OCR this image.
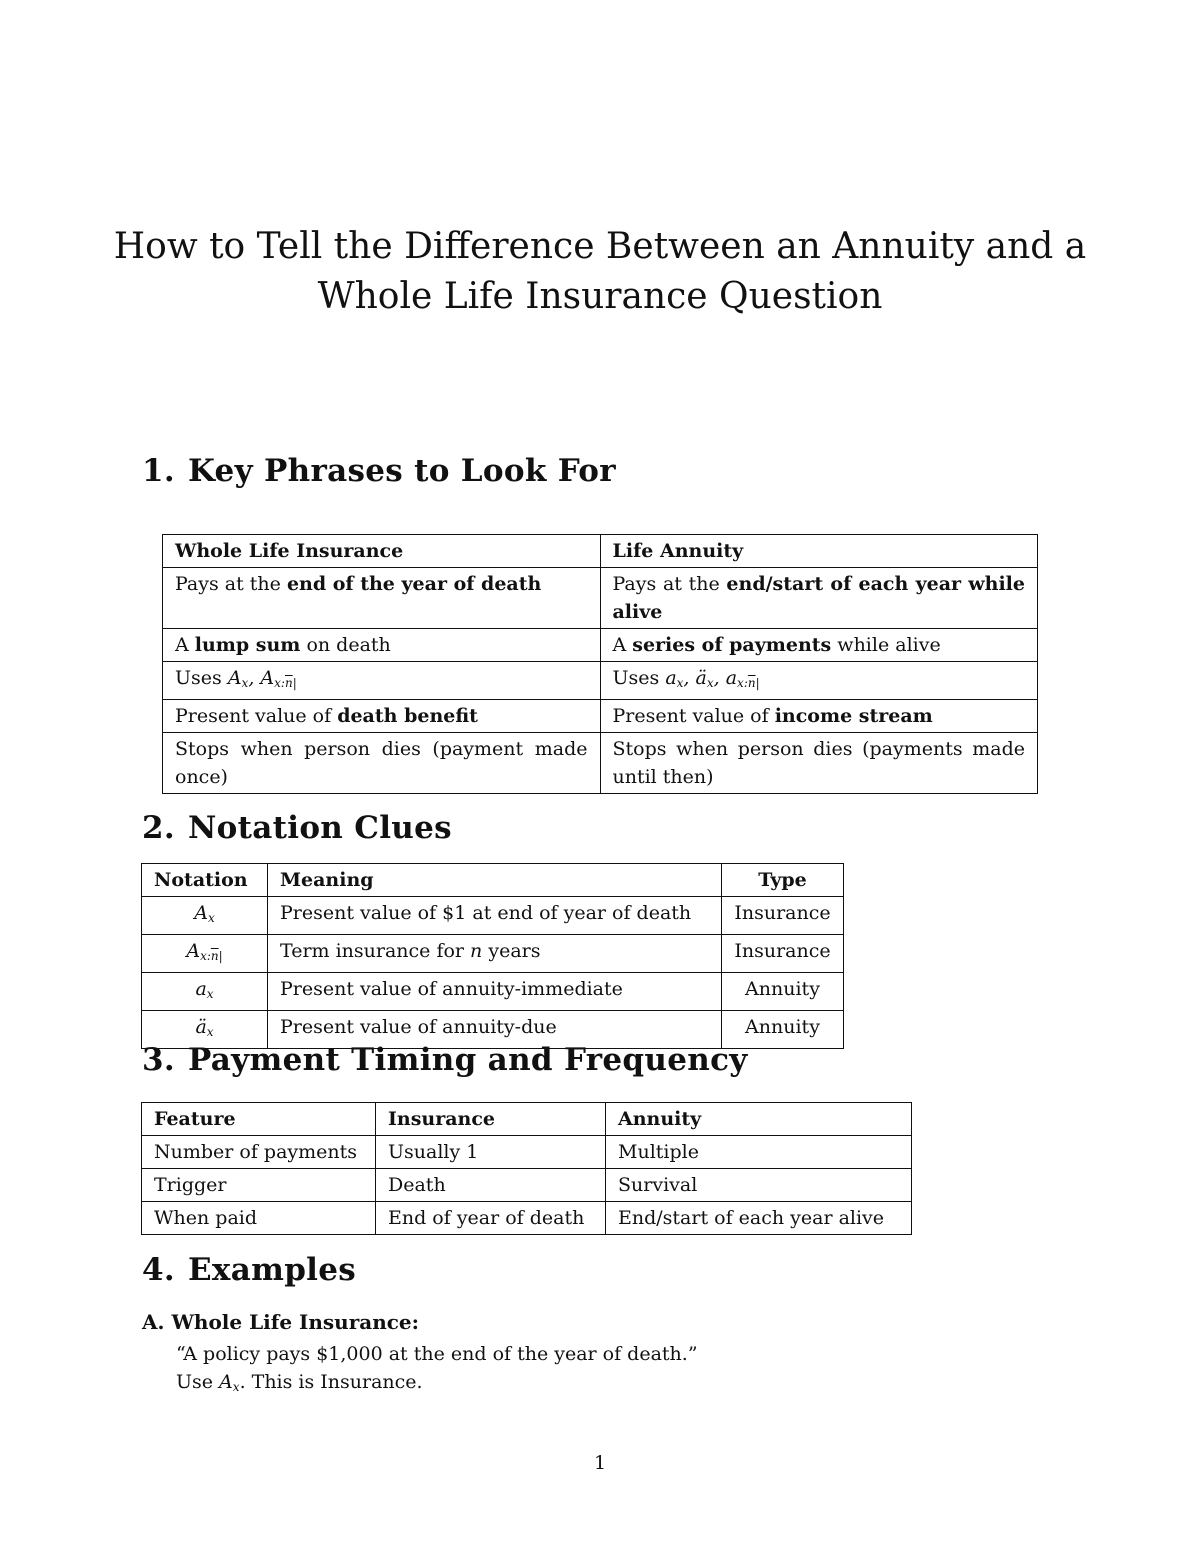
How to Tell the Difference Between an Annuity and a
Whole Life Insurance Question
1. Key Phrases to Look For
Whole Life Insurance	Life Annuity
Pays at the end of the year of death	Pays at the end/start of each year while alive
A lump sum on death	A series of payments while alive
Uses $A_x$, $A_{x:\overline{n}|}$	Uses $a_x$, $ä_x$, $a_{x:\overline{n}|}$
Present value of death benefit	Present value of income stream
Stops when person dies (payment made once)	Stops when person dies (payments made until then)
2. Notation Clues
Notation	Meaning	Type
$A_x$	Present value of $1 at end of year of death	Insurance
$A_{x:\overline{n}|}$	Term insurance for n years	Insurance
$a_x$	Present value of annuity-immediate	Annuity
$ä_x$	Present value of annuity-due	Annuity
3. Payment Timing and Frequency
Feature	Insurance	Annuity
Number of payments	Usually 1	Multiple
Trigger	Death	Survival
When paid	End of year of death	End/start of each year alive
4. Examples
A. Whole Life Insurance:
“A policy pays $1,000 at the end of the year of death.”
Use $A_x$. This is Insurance.
1
